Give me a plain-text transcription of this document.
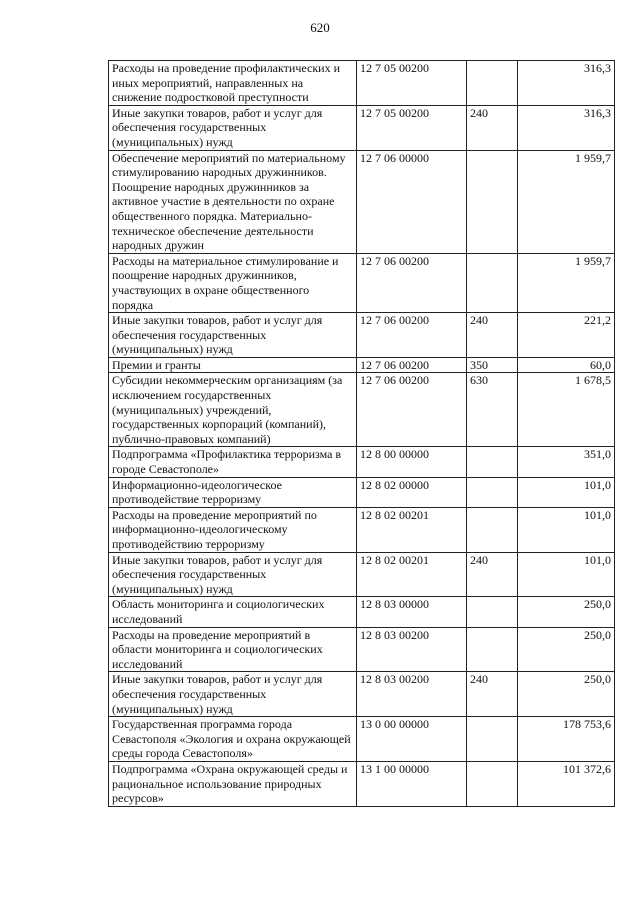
620
Расходы на проведение профилактических и иных мероприятий, направленных на снижение подростковой преступности	12 7 05 00200		316,3
Иные закупки товаров, работ и услуг для обеспечения государственных (муниципальных) нужд	12 7 05 00200	240	316,3
Обеспечение мероприятий по материальному стимулированию народных дружинников. Поощрение народных дружинников за активное участие в деятельности по охране общественного порядка. Материально-техническое обеспечение деятельности народных дружин	12 7 06 00000		1 959,7
Расходы на материальное стимулирование и поощрение народных дружинников, участвующих в охране общественного порядка	12 7 06 00200		1 959,7
Иные закупки товаров, работ и услуг для обеспечения государственных (муниципальных) нужд	12 7 06 00200	240	221,2
Премии и гранты	12 7 06 00200	350	60,0
Субсидии некоммерческим организациям (за исключением государственных (муниципальных) учреждений, государственных корпораций (компаний), публично-правовых компаний)	12 7 06 00200	630	1 678,5
Подпрограмма «Профилактика терроризма в городе Севастополе»	12 8 00 00000		351,0
Информационно-идеологическое противодействие терроризму	12 8 02 00000		101,0
Расходы на проведение мероприятий по информационно-идеологическому противодействию терроризму	12 8 02 00201		101,0
Иные закупки товаров, работ и услуг для обеспечения государственных (муниципальных) нужд	12 8 02 00201	240	101,0
Область мониторинга и социологических исследований	12 8 03 00000		250,0
Расходы на проведение мероприятий в области мониторинга и социологических исследований	12 8 03 00200		250,0
Иные закупки товаров, работ и услуг для обеспечения государственных (муниципальных) нужд	12 8 03 00200	240	250,0
Государственная программа города Севастополя «Экология и охрана окружающей среды города Севастополя»	13 0 00 00000		178 753,6
Подпрограмма «Охрана окружающей среды и рациональное использование природных ресурсов»	13 1 00 00000		101 372,6
